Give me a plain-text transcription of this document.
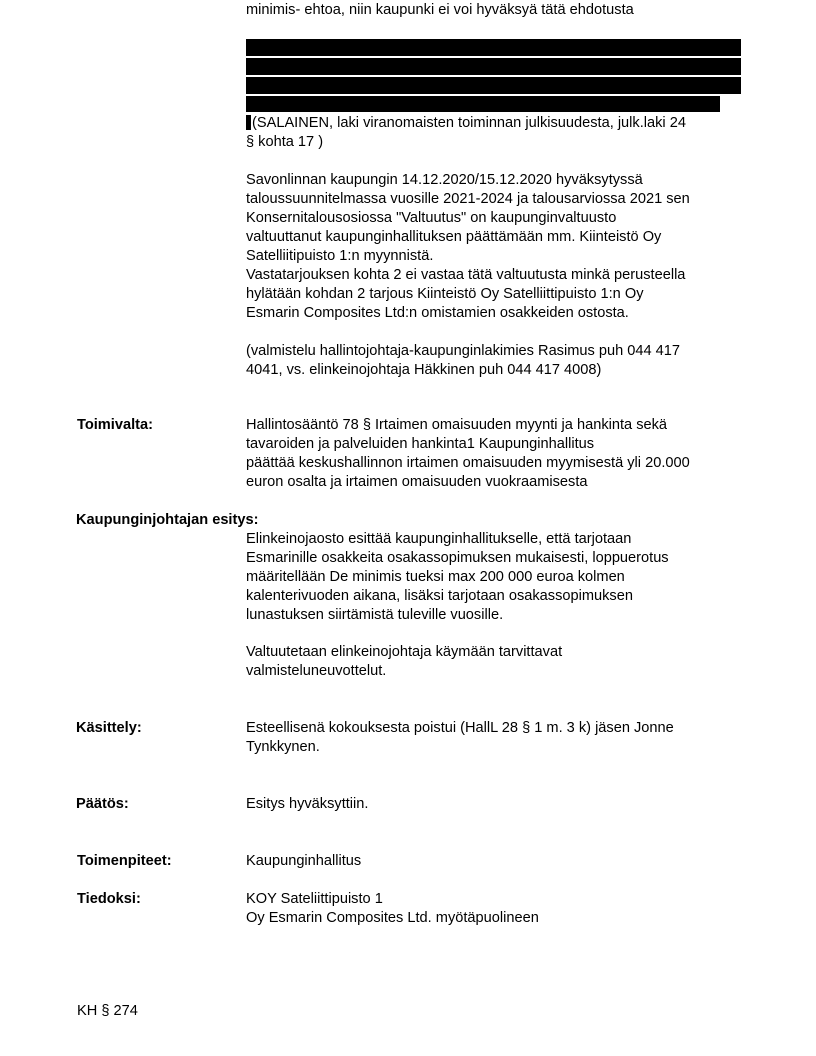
minimis- ehtoa, niin kaupunki ei voi hyväksyä tätä ehdotusta
(SALAINEN, laki viranomaisten toiminnan julkisuudesta, julk.laki 24
§ kohta 17 )
Savonlinnan kaupungin 14.12.2020/15.12.2020 hyväksytyssä
taloussuunnitelmassa vuosille 2021-2024 ja talousarviossa 2021 sen
Konsernitalousosiossa "Valtuutus" on kaupunginvaltuusto
valtuuttanut kaupunginhallituksen päättämään mm. Kiinteistö Oy
Satelliitipuisto 1:n myynnistä.
Vastatarjouksen kohta 2 ei vastaa tätä valtuutusta minkä perusteella
hylätään kohdan 2 tarjous Kiinteistö Oy Satelliittipuisto 1:n Oy
Esmarin Composites Ltd:n omistamien osakkeiden ostosta.
(valmistelu hallintojohtaja-kaupunginlakimies Rasimus puh 044 417
4041, vs. elinkeinojohtaja Häkkinen puh 044 417 4008)
Toimivalta:	Hallintosääntö 78 § Irtaimen omaisuuden myynti ja hankinta sekä
tavaroiden ja palveluiden hankinta1 Kaupunginhallitus
päättää keskushallinnon irtaimen omaisuuden myymisestä yli 20.000
euron osalta ja irtaimen omaisuuden vuokraamisesta
Kaupunginjohtajan esitys:
Elinkeinojaosto esittää kaupunginhallitukselle, että tarjotaan
Esmarinille osakkeita osakassopimuksen mukaisesti, loppuerotus
määritellään De minimis tueksi max 200 000 euroa kolmen
kalenterivuoden aikana, lisäksi tarjotaan osakassopimuksen
lunastuksen siirtämistä tuleville vuosille.
Valtuutetaan elinkeinojohtaja käymään tarvittavat
valmisteluneuvottelut.
Käsittely:	Esteellisenä kokouksesta poistui (HallL 28 § 1 m. 3 k) jäsen Jonne
Tynkkynen.
Päätös:	Esitys hyväksyttiin.
Toimenpiteet:	Kaupunginhallitus
Tiedoksi:	KOY Sateliittipuisto 1
Oy Esmarin Composites Ltd. myötäpuolineen
KH § 274
